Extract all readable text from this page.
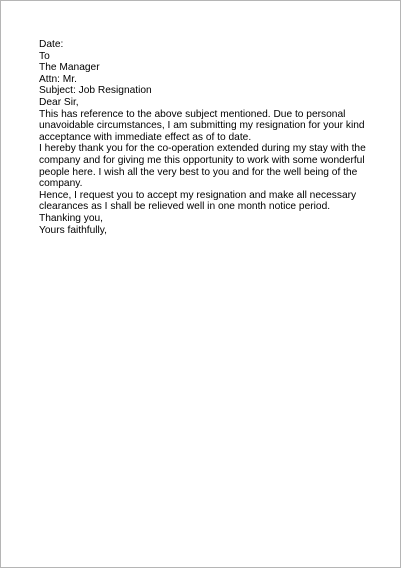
Date:
To
The Manager
Attn: Mr.
Subject: Job Resignation
Dear Sir,
This has reference to the above subject mentioned. Due to personal unavoidable circumstances, I am submitting my resignation for your kind acceptance with immediate effect as of to date.
I hereby thank you for the co-operation extended during my stay with the company and for giving me this opportunity to work with some wonderful people here. I wish all the very best to you and for the well being of the company.
Hence, I request you to accept my resignation and make all necessary clearances as I shall be relieved well in one month notice period.
Thanking you,
Yours faithfully,
